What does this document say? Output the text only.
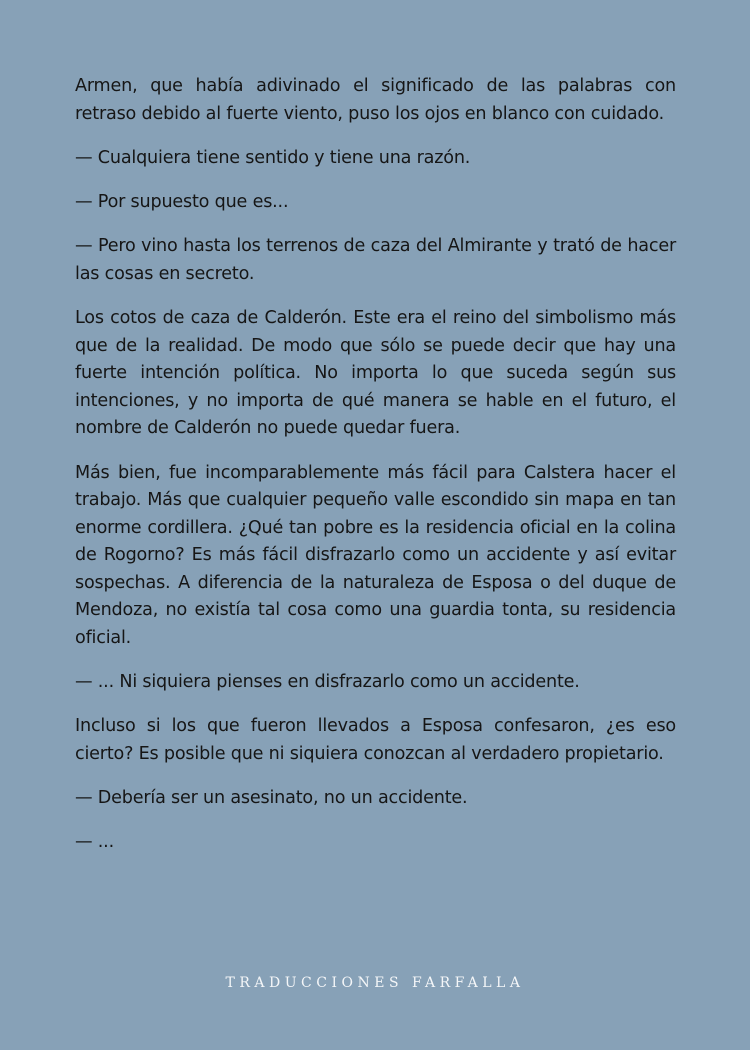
Armen, que había adivinado el significado de las palabras con retraso debido al fuerte viento, puso los ojos en blanco con cuidado.

— Cualquiera tiene sentido y tiene una razón.

— Por supuesto que es...

— Pero vino hasta los terrenos de caza del Almirante y trató de hacer las cosas en secreto.

Los cotos de caza de Calderón. Este era el reino del simbolismo más que de la realidad. De modo que sólo se puede decir que hay una fuerte intención política. No importa lo que suceda según sus intenciones, y no importa de qué manera se hable en el futuro, el nombre de Calderón no puede quedar fuera.

Más bien, fue incomparablemente más fácil para Calstera hacer el trabajo. Más que cualquier pequeño valle escondido sin mapa en tan enorme cordillera. ¿Qué tan pobre es la residencia oficial en la colina de Rogorno? Es más fácil disfrazarlo como un accidente y así evitar sospechas. A diferencia de la naturaleza de Esposa o del duque de Mendoza, no existía tal cosa como una guardia tonta, su residencia oficial.

— ... Ni siquiera pienses en disfrazarlo como un accidente.

Incluso si los que fueron llevados a Esposa confesaron, ¿es eso cierto? Es posible que ni siquiera conozcan al verdadero propietario.

— Debería ser un asesinato, no un accidente.

— ...

TRADUCCIONES FARFALLA
